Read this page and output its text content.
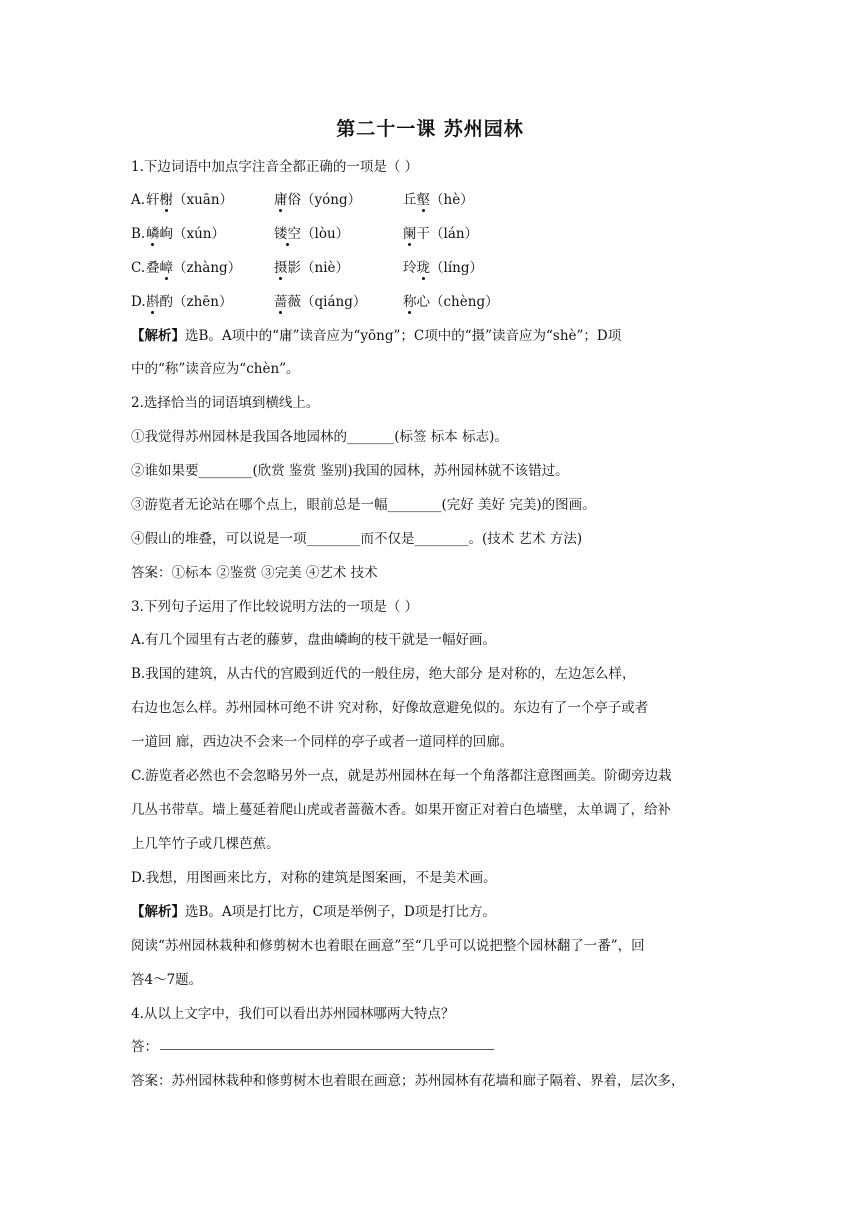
第二十一课 苏州园林
1.下边词语中加点字注音全都正确的一项是（ ）
A. 轩榭（xuān）	庸俗（yóng）	丘壑（hè）
B. 嶙峋（xún）	镂空（lòu）	阑干（lán）
C. 叠嶂（zhàng） 摄影（niè）	玲珑（líng）
D. 斟酌（zhēn）	蔷薇（qiáng）	称心（chèng）
【解析】选B。A项中的“庸”读音应为“yōng”；C项中的“摄”读音应为“shè”；D项
中的“称”读音应为“chèn”。
2.选择恰当的词语填到横线上。
①我觉得苏州园林是我国各地园林的_______(标签 标本 标志)。
②谁如果要________(欣赏 鉴赏 鉴别)我国的园林，苏州园林就不该错过。
③游览者无论站在哪个点上，眼前总是一幅________(完好 美好 完美)的图画。
④假山的堆叠，可以说是一项________而不仅是________。(技术 艺术 方法)
答案：①标本 ②鉴赏 ③完美 ④艺术 技术
3.下列句子运用了作比较说明方法的一项是（ ）
A.有几个园里有古老的藤萝，盘曲嶙峋的枝干就是一幅好画。
B.我国的建筑，从古代的宫殿到近代的一般住房，绝大部分 是对称的，左边怎么样，
右边也怎么样。苏州园林可绝不讲 究对称，好像故意避免似的。东边有了一个亭子或者
一道回 廊，西边决不会来一个同样的亭子或者一道同样的回廊。
C.游览者必然也不会忽略另外一点，就是苏州园林在每一个角落都注意图画美。阶砌旁边栽
几丛书带草。墙上蔓延着爬山虎或者蔷薇木香。如果开窗正对着白色墙壁，太单调了，给补
上几竿竹子或几棵芭蕉。
D.我想，用图画来比方，对称的建筑是图案画，不是美术画。
【解析】选B。A项是打比方，C项是举例子，D项是打比方。
阅读“苏州园林栽种和修剪树木也着眼在画意”至“几乎可以说把整个园林翻了一番”，回
答4～7题。
4.从以上文字中，我们可以看出苏州园林哪两大特点？
答：
答案：苏州园林栽种和修剪树木也着眼在画意；苏州园林有花墙和廊子隔着、界着，层次多，
